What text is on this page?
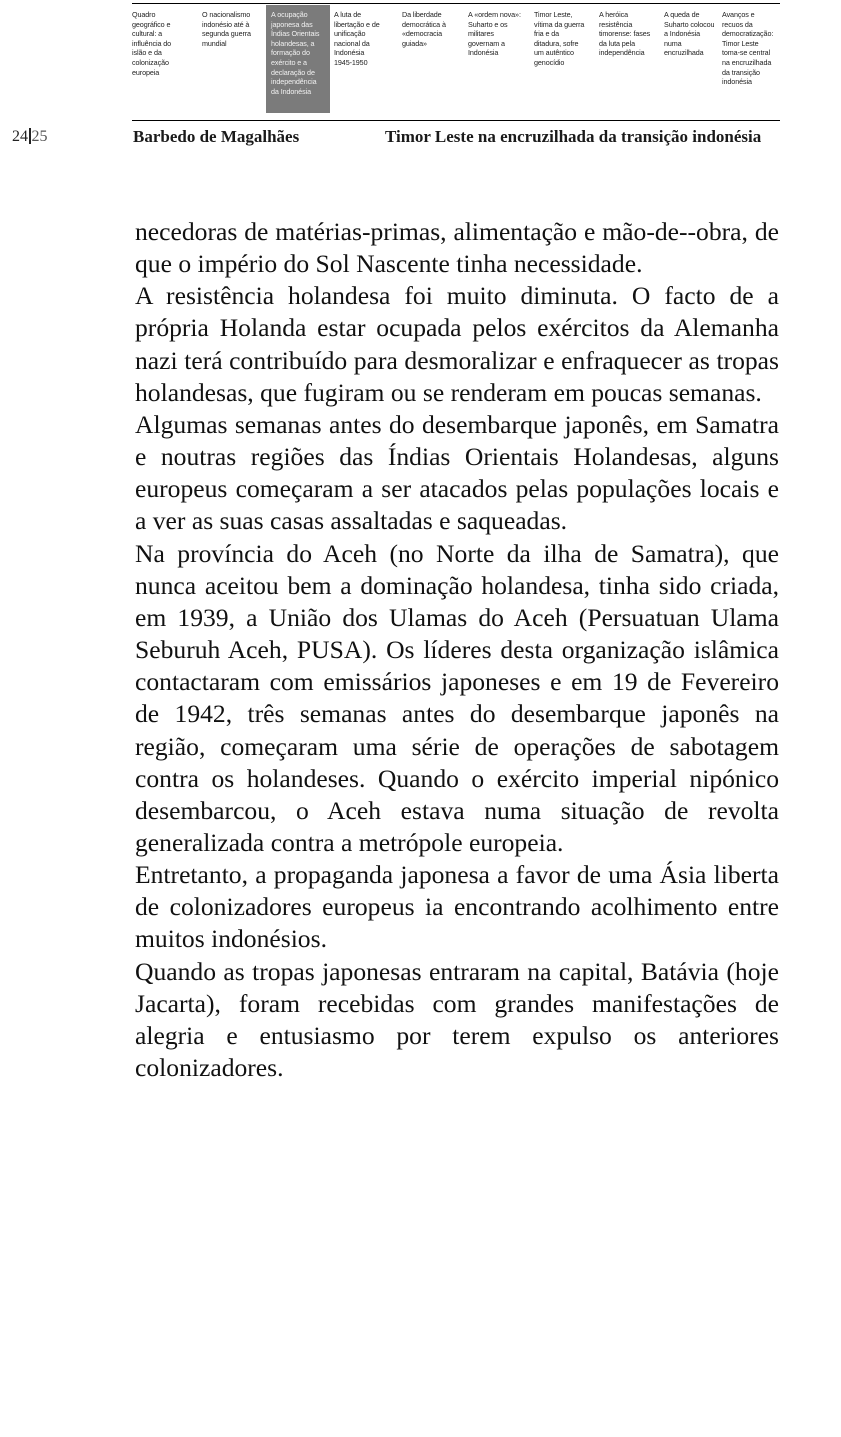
Quadro
geográfico e
cultural: a
influência do
islão e da
colonização
europeia
O nacionalismo
indonésio até à
segunda guerra
mundial
A ocupação
japonesa das
Índias Orientais
holandesas, a
formação do
exército e a
declaração de
independência
da Indonésia
A luta de
libertação e de
unificação
nacional da
Indonésia
1945-1950
Da liberdade
democrática à
«democracia
guiada»
A «ordem nova»:
Suharto e os
militares
governam a
Indonésia
Timor Leste,
vítima da guerra
fria e da
ditadura, sofre
um autêntico
genocídio
A heróica
resistência
timorense: fases
da luta pela
independência
A queda de
Suharto colocou
a Indonésia
numa
encruzilhada
Avanços e
recuos da
democratização:
Timor Leste
toma-se central
na encruzilhada
da transição
indonésia
24 25	Barbedo de Magalhães	Timor Leste na encruzilhada da transição indonésia

necedoras de matérias-primas, alimentação e mão-de--obra, de que o império do Sol Nascente tinha necessidade.

A resistência holandesa foi muito diminuta. O facto de a própria Holanda estar ocupada pelos exércitos da Alemanha nazi terá contribuído para desmoralizar e enfraquecer as tropas holandesas, que fugiram ou se renderam em poucas semanas.

Algumas semanas antes do desembarque japonês, em Samatra e noutras regiões das Índias Orientais Holandesas, alguns europeus começaram a ser atacados pelas populações locais e a ver as suas casas assaltadas e saqueadas.

Na província do Aceh (no Norte da ilha de Samatra), que nunca aceitou bem a dominação holandesa, tinha sido criada, em 1939, a União dos Ulamas do Aceh (Persuatuan Ulama Seburuh Aceh, PUSA). Os líderes desta organização islâmica contactaram com emissários japoneses e em 19 de Fevereiro de 1942, três semanas antes do desembarque japonês na região, começaram uma série de operações de sabotagem contra os holandeses. Quando o exército imperial nipónico desembarcou, o Aceh estava numa situação de revolta generalizada contra a metrópole europeia.

Entretanto, a propaganda japonesa a favor de uma Ásia liberta de colonizadores europeus ia encontrando acolhimento entre muitos indonésios.

Quando as tropas japonesas entraram na capital, Batávia (hoje Jacarta), foram recebidas com grandes manifestações de alegria e entusiasmo por terem expulso os anteriores colonizadores.
